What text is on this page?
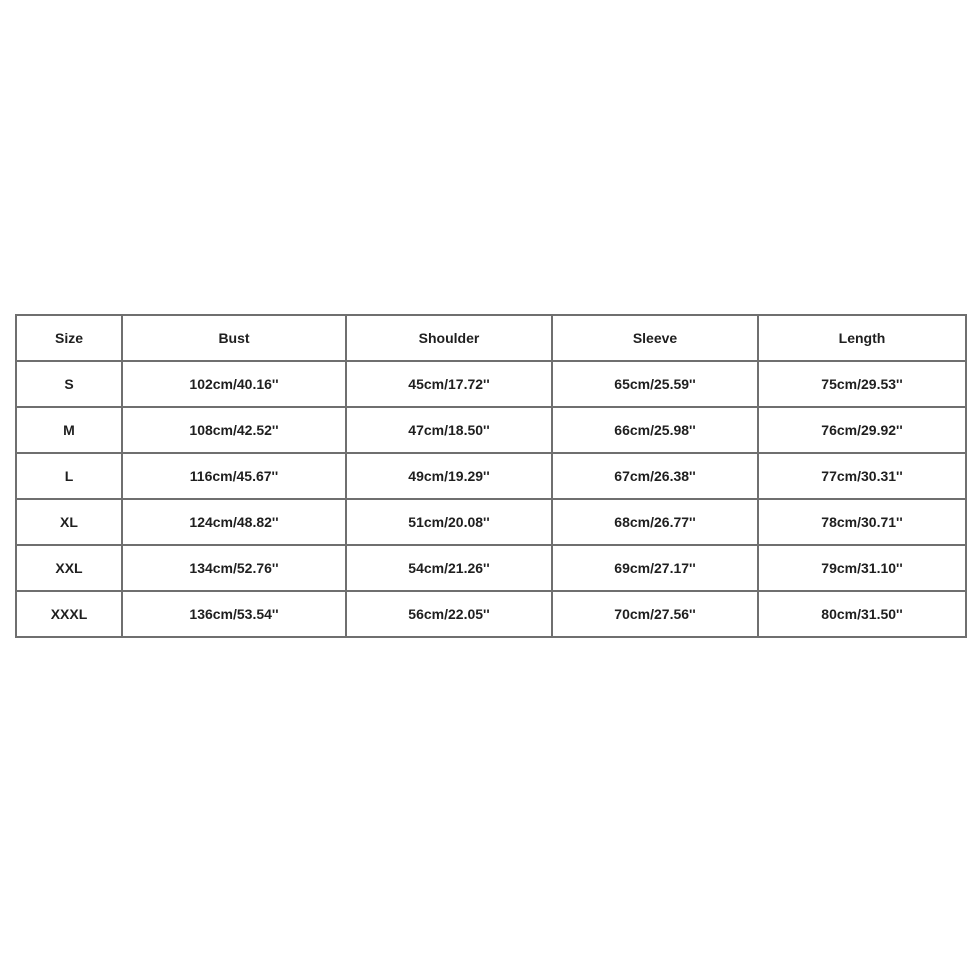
Size	Bust	Shoulder	Sleeve	Length
S	102cm/40.16''	45cm/17.72''	65cm/25.59''	75cm/29.53''
M	108cm/42.52''	47cm/18.50''	66cm/25.98''	76cm/29.92''
L	116cm/45.67''	49cm/19.29''	67cm/26.38''	77cm/30.31''
XL	124cm/48.82''	51cm/20.08''	68cm/26.77''	78cm/30.71''
XXL	134cm/52.76''	54cm/21.26''	69cm/27.17''	79cm/31.10''
XXXL	136cm/53.54''	56cm/22.05''	70cm/27.56''	80cm/31.50''
